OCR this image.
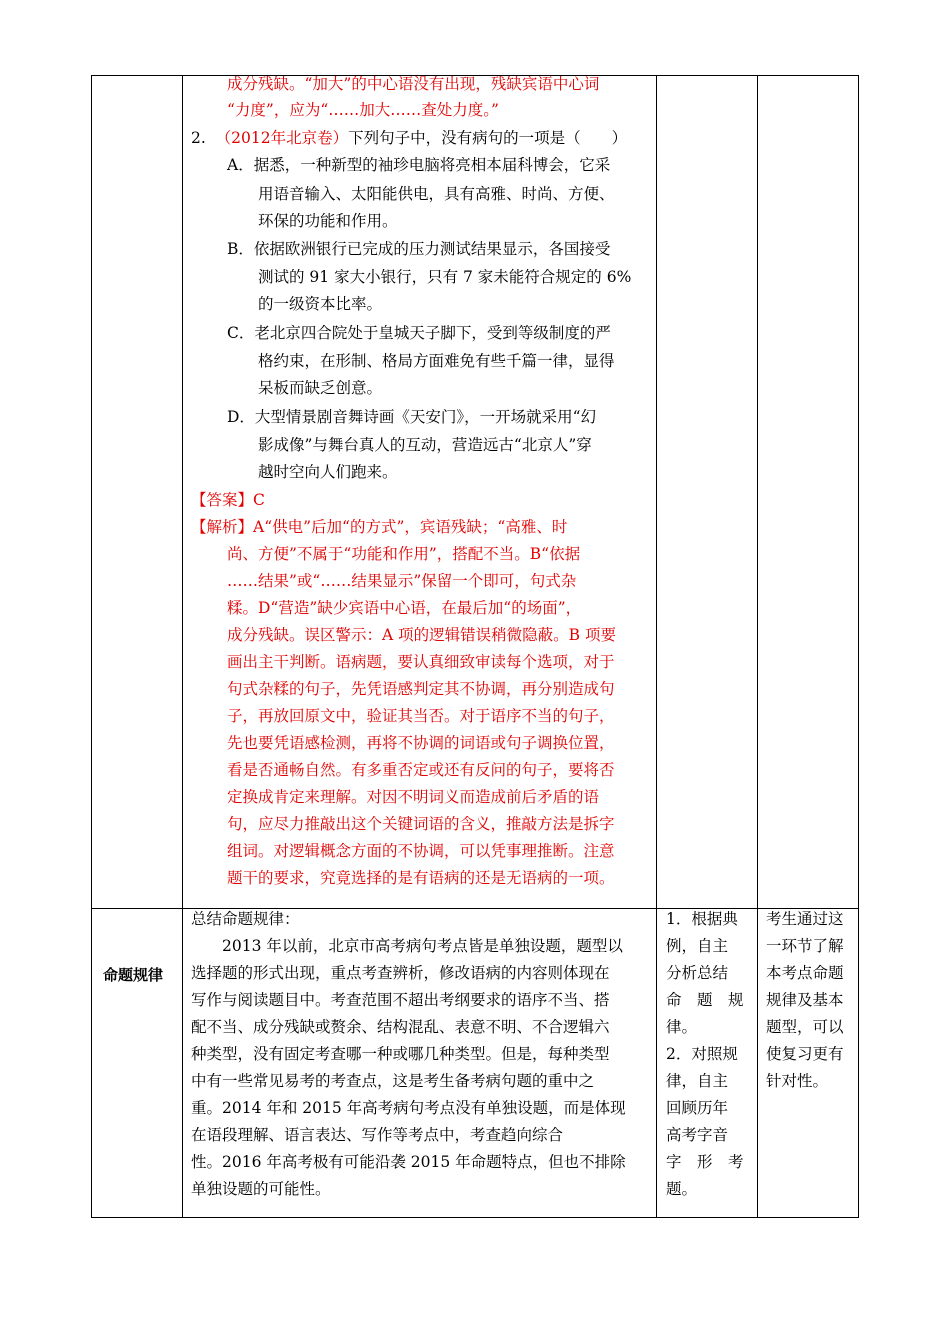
成分残缺。“加大”的中心语没有出现，残缺宾语中心词
“力度”，应为“……加大……查处力度。”
2. （2012年北京卷）下列句子中，没有病句的一项是（　　）
A．据悉，一种新型的袖珍电脑将亮相本届科博会，它采
用语音输入、太阳能供电，具有高雅、时尚、方便、
环保的功能和作用。
B．依据欧洲银行已完成的压力测试结果显示，各国接受
测试的 91 家大小银行，只有 7 家未能符合规定的 6%
的一级资本比率。
C．老北京四合院处于皇城天子脚下，受到等级制度的严
格约束，在形制、格局方面难免有些千篇一律，显得
呆板而缺乏创意。
D．大型情景剧音舞诗画《天安门》，一开场就采用“幻
影成像”与舞台真人的互动，营造远古“北京人”穿
越时空向人们跑来。
【答案】C
【解析】A“供电”后加“的方式”，宾语残缺；“高雅、时
尚、方便”不属于“功能和作用”，搭配不当。B“依据
……结果”或“……结果显示”保留一个即可，句式杂
糅。D“营造”缺少宾语中心语，在最后加“的场面”，
成分残缺。误区警示：A 项的逻辑错误稍微隐蔽。B 项要
画出主干判断。语病题，要认真细致审读每个选项，对于
句式杂糅的句子，先凭语感判定其不协调，再分别造成句
子，再放回原文中，验证其当否。对于语序不当的句子，
先也要凭语感检测，再将不协调的词语或句子调换位置，
看是否通畅自然。有多重否定或还有反问的句子，要将否
定换成肯定来理解。对因不明词义而造成前后矛盾的语
句，应尽力推敲出这个关键词语的含义，推敲方法是拆字
组词。对逻辑概念方面的不协调，可以凭事理推断。注意
题干的要求，究竟选择的是有语病的还是无语病的一项。
命题规律
总结命题规律：
　　2013 年以前，北京市高考病句考点皆是单独设题，题型以
选择题的形式出现，重点考查辨析，修改语病的内容则体现在
写作与阅读题目中。考查范围不超出考纲要求的语序不当、搭
配不当、成分残缺或赘余、结构混乱、表意不明、不合逻辑六
种类型，没有固定考查哪一种或哪几种类型。但是，每种类型
中有一些常见易考的考查点，这是考生备考病句题的重中之
重。2014 年和 2015 年高考病句考点没有单独设题，而是体现
在语段理解、语言表达、写作等考点中，考查趋向综合
性。2016 年高考极有可能沿袭 2015 年命题特点，但也不排除
单独设题的可能性。
1．根据典
例，自主
分析总结
命　题　规
律。
2．对照规
律，自主
回顾历年
高考字音
字　形　考
题。
考生通过这
一环节了解
本考点命题
规律及基本
题型，可以
使复习更有
针对性。
